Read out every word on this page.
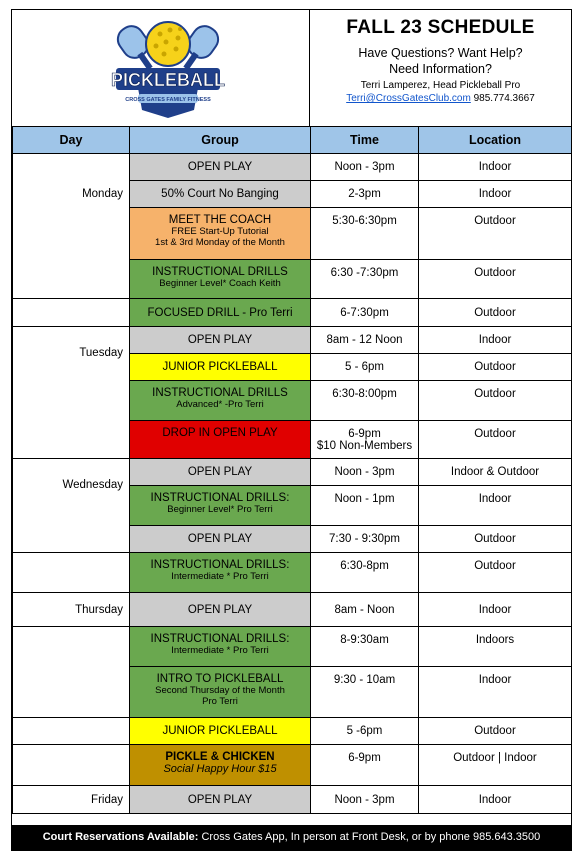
PICKLEBALL
CROSS GATES FAMILY FITNESS
FALL 23 SCHEDULE
Have Questions? Want Help?
Need Information?
Terri Lamperez, Head Pickleball Pro
Terri@CrossGatesClub.com 985.774.3667
Day	Group	Time	Location
Monday	OPEN PLAY	Noon - 3pm	Indoor
	50% Court No Banging	2-3pm	Indoor
	MEET THE COACH
FREE Start-Up Tutorial
1st & 3rd Monday of the Month	5:30-6:30pm	Outdoor
	INSTRUCTIONAL DRILLS
Beginner Level* Coach Keith	6:30 -7:30pm	Outdoor
	FOCUSED DRILL - Pro Terri	6-7:30pm	Outdoor
Tuesday	OPEN PLAY	8am - 12 Noon	Indoor
	JUNIOR PICKLEBALL	5 - 6pm	Outdoor
	INSTRUCTIONAL DRILLS
Advanced* -Pro Terri	6:30-8:00pm	Outdoor
	DROP IN OPEN PLAY	6-9pm
$10 Non-Members	Outdoor
Wednesday	OPEN PLAY	Noon - 3pm	Indoor & Outdoor
	INSTRUCTIONAL DRILLS:
Beginner Level* Pro Terri	Noon - 1pm	Indoor
	OPEN PLAY	7:30 - 9:30pm	Outdoor
	INSTRUCTIONAL DRILLS:
Intermediate * Pro Terri	6:30-8pm	Outdoor
Thursday	OPEN PLAY	8am - Noon	Indoor
	INSTRUCTIONAL DRILLS:
Intermediate * Pro Terri	8-9:30am	Indoors
	INTRO TO PICKLEBALL
Second Thursday of the Month
Pro Terri	9:30 - 10am	Indoor
	JUNIOR PICKLEBALL	5 -6pm	Outdoor
	PICKLE & CHICKEN
Social Happy Hour $15	6-9pm	Outdoor | Indoor
Friday	OPEN PLAY	Noon - 3pm	Indoor
Court Reservations Available: Cross Gates App, In person at Front Desk, or by phone 985.643.3500
